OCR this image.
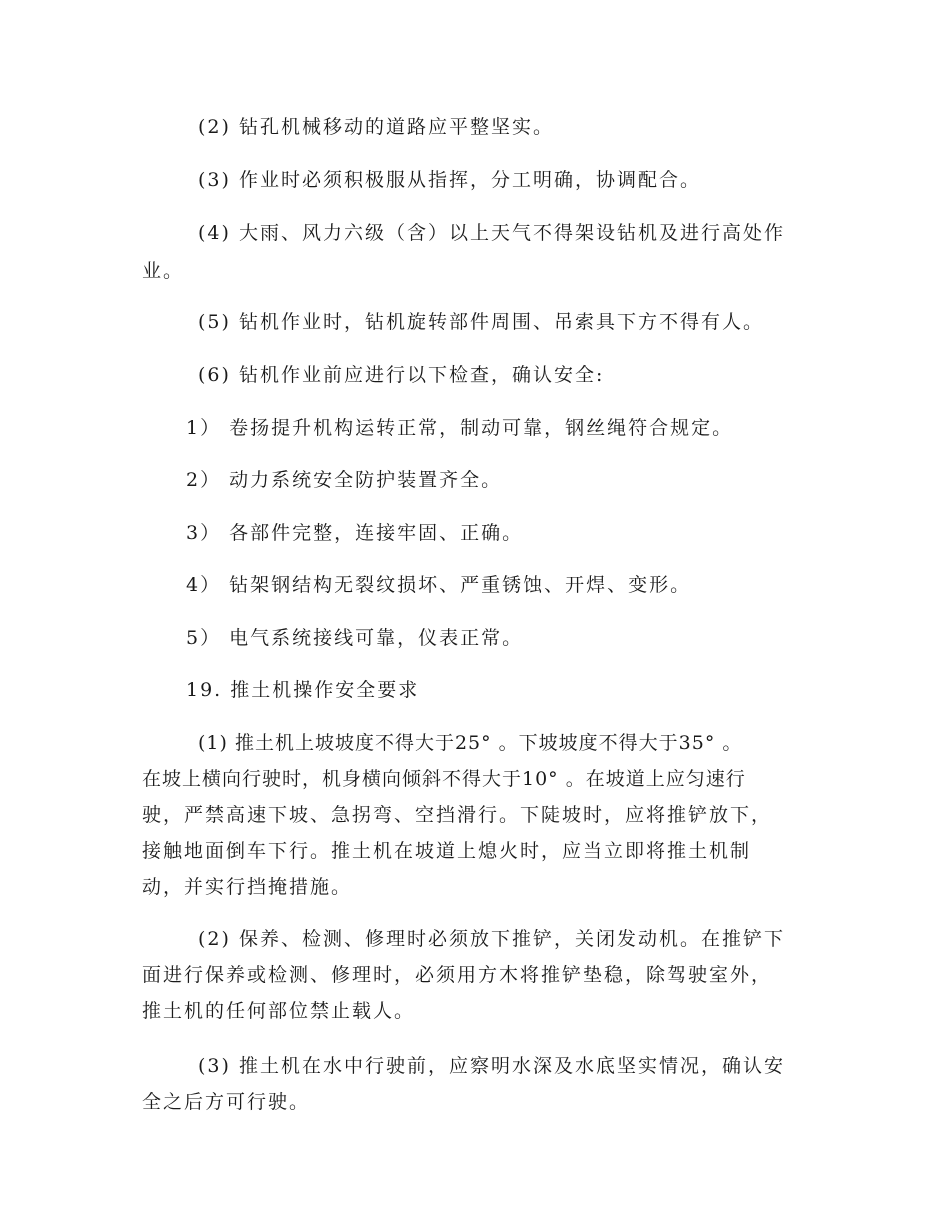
(2) 钻孔机械移动的道路应平整坚实。
(3) 作业时必须积极服从指挥，分工明确，协调配合。
(4) 大雨、风力六级（含）以上天气不得架设钻机及进行高处作
业。
(5) 钻机作业时，钻机旋转部件周围、吊索具下方不得有人。
(6) 钻机作业前应进行以下检查，确认安全:
1） 卷扬提升机构运转正常，制动可靠，钢丝绳符合规定。
2） 动力系统安全防护装置齐全。
3） 各部件完整，连接牢固、正确。
4） 钻架钢结构无裂纹损坏、严重锈蚀、开焊、变形。
5） 电气系统接线可靠，仪表正常。
19. 推土机操作安全要求
(1) 推土机上坡坡度不得大于25° 。下坡坡度不得大于35° 。
在坡上横向行驶时，机身横向倾斜不得大于10° 。在坡道上应匀速行
驶，严禁高速下坡、急拐弯、空挡滑行。下陡坡时，应将推铲放下，
接触地面倒车下行。推土机在坡道上熄火时，应当立即将推土机制
动，并实行挡掩措施。
(2) 保养、检测、修理时必须放下推铲，关闭发动机。在推铲下
面进行保养或检测、修理时，必须用方木将推铲垫稳，除驾驶室外，
推土机的任何部位禁止载人。
(3) 推土机在水中行驶前，应察明水深及水底坚实情况，确认安
全之后方可行驶。
